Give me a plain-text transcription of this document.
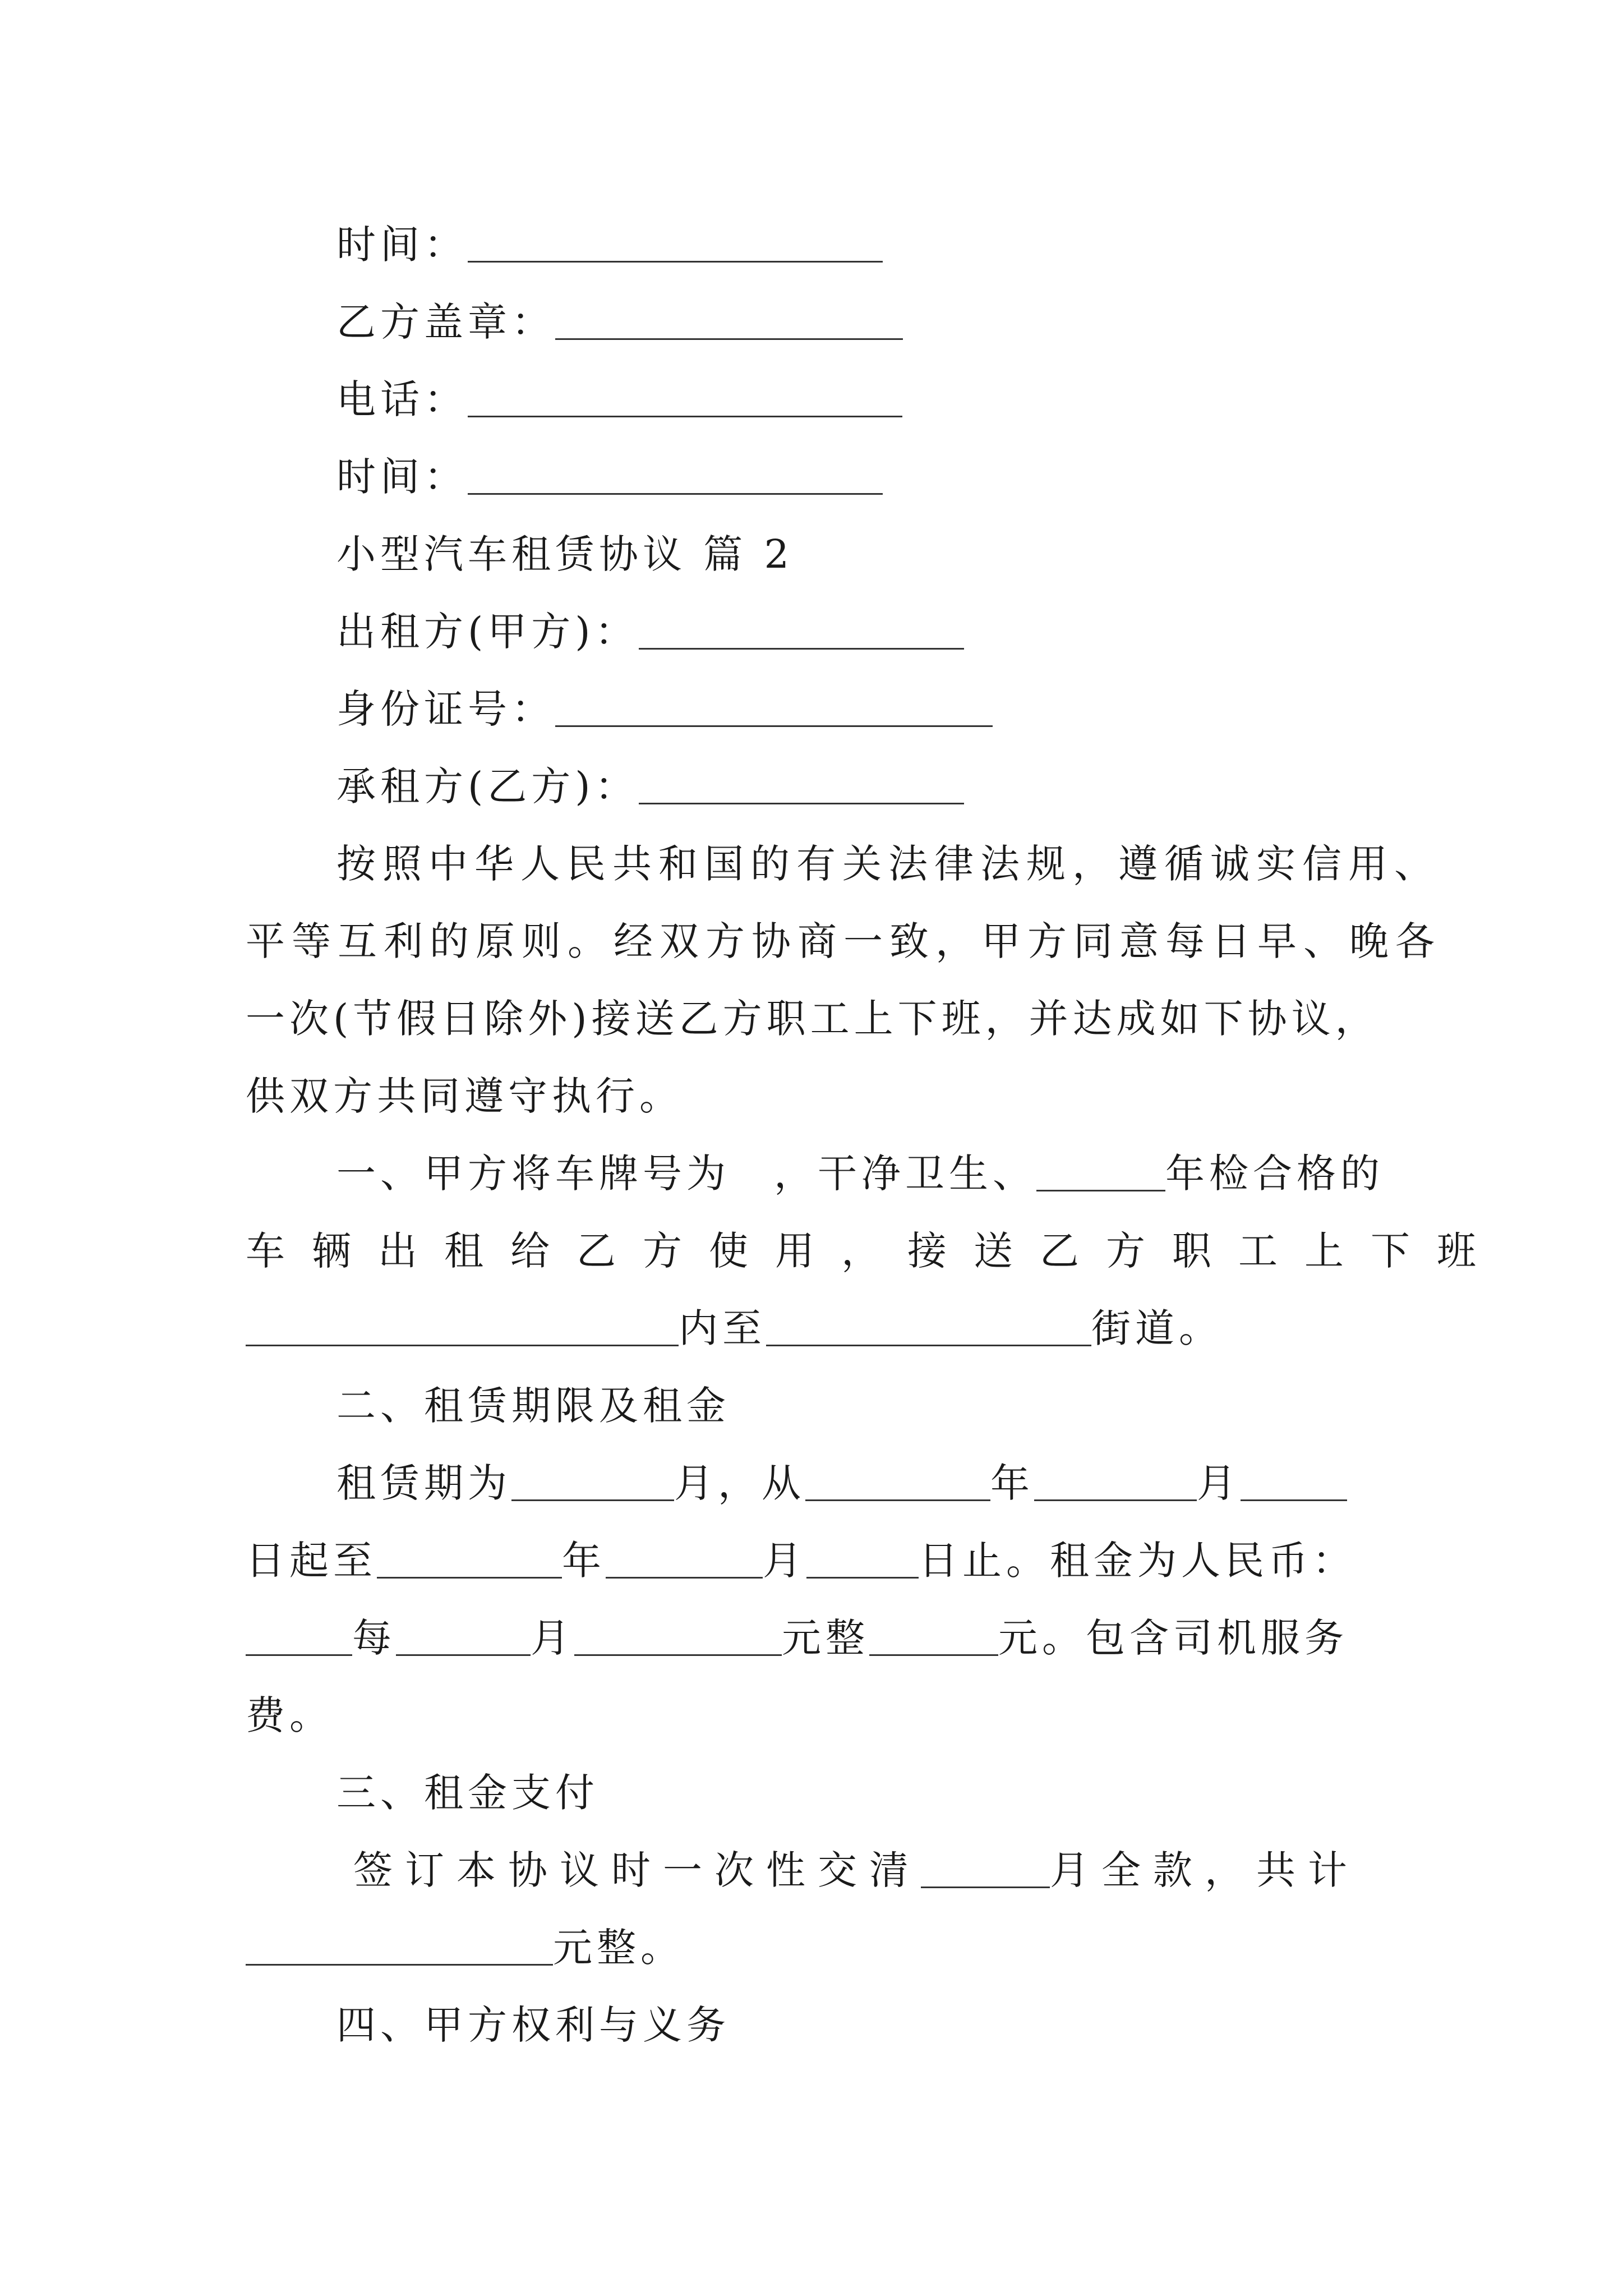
时间：
乙方盖章：
电话：
时间：
小型汽车租赁协议 篇 2
出租方(甲方)：
身份证号：
承租方(乙方)：
按照中华人民共和国的有关法律法规，遵循诚实信用、
平等互利的原则。经双方协商一致，甲方同意每日早、晚各
一次(节假日除外)接送乙方职工上下班，并达成如下协议，
供双方共同遵守执行。
一、甲方将车牌号为　，干净卫生、	年检合格的
车辆出租给乙方使用，接送乙方职工上下班
内至	街道。
二、租赁期限及租金
租赁期为	月，从	年	月
日起至	年	月	日止。租金为人民币：
每	月	元整	元。包含司机服务
费。
三、租金支付
签订本协议时一次性交清	月全款，共计
元整。
四、甲方权利与义务
